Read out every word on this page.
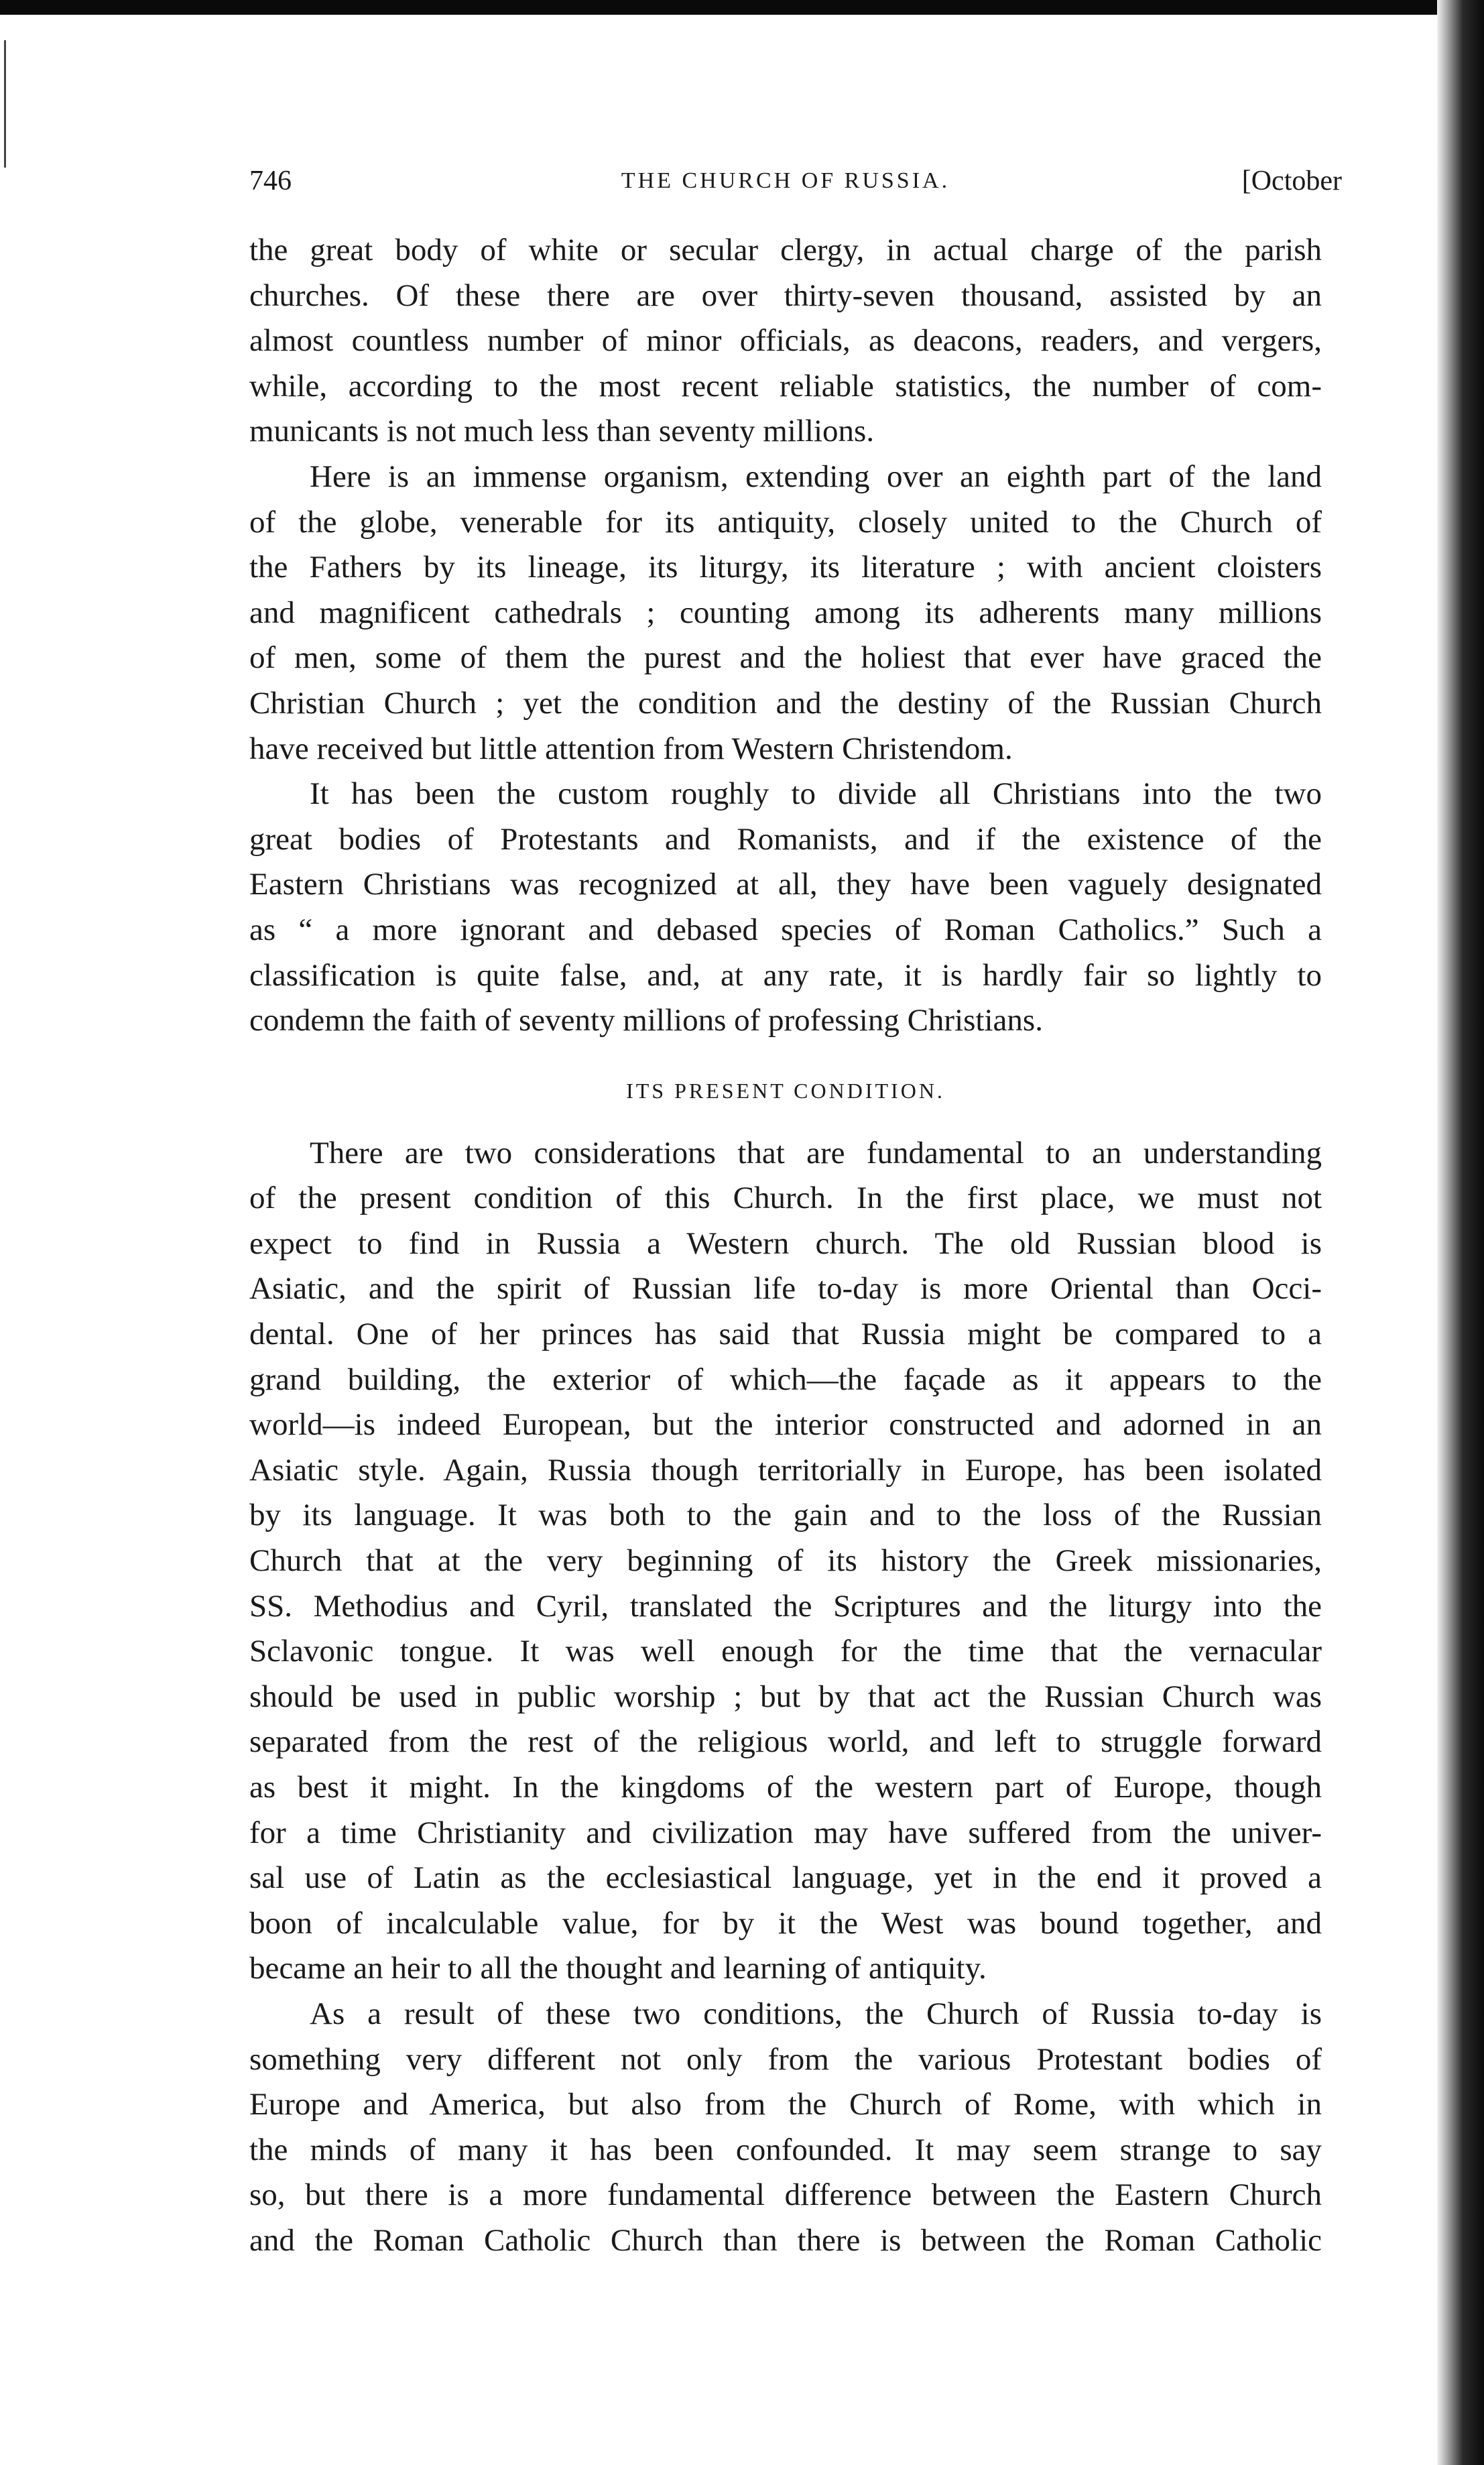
746	THE CHURCH OF RUSSIA.	[October
the great body of white or secular clergy, in actual charge of the parish
churches. Of these there are over thirty-seven thousand, assisted by an
almost countless number of minor officials, as deacons, readers, and vergers,
while, according to the most recent reliable statistics, the number of com-
municants is not much less than seventy millions.
Here is an immense organism, extending over an eighth part of the land
of the globe, venerable for its antiquity, closely united to the Church of
the Fathers by its lineage, its liturgy, its literature ; with ancient cloisters
and magnificent cathedrals ; counting among its adherents many millions
of men, some of them the purest and the holiest that ever have graced the
Christian Church ; yet the condition and the destiny of the Russian Church
have received but little attention from Western Christendom.
It has been the custom roughly to divide all Christians into the two
great bodies of Protestants and Romanists, and if the existence of the
Eastern Christians was recognized at all, they have been vaguely designated
as “ a more ignorant and debased species of Roman Catholics.” Such a
classification is quite false, and, at any rate, it is hardly fair so lightly to
condemn the faith of seventy millions of professing Christians.
ITS PRESENT CONDITION.
There are two considerations that are fundamental to an understanding
of the present condition of this Church. In the first place, we must not
expect to find in Russia a Western church. The old Russian blood is
Asiatic, and the spirit of Russian life to-day is more Oriental than Occi-
dental. One of her princes has said that Russia might be compared to a
grand building, the exterior of which—the façade as it appears to the
world—is indeed European, but the interior constructed and adorned in an
Asiatic style. Again, Russia though territorially in Europe, has been isolated
by its language. It was both to the gain and to the loss of the Russian
Church that at the very beginning of its history the Greek missionaries,
SS. Methodius and Cyril, translated the Scriptures and the liturgy into the
Sclavonic tongue. It was well enough for the time that the vernacular
should be used in public worship ; but by that act the Russian Church was
separated from the rest of the religious world, and left to struggle forward
as best it might. In the kingdoms of the western part of Europe, though
for a time Christianity and civilization may have suffered from the univer-
sal use of Latin as the ecclesiastical language, yet in the end it proved a
boon of incalculable value, for by it the West was bound together, and
became an heir to all the thought and learning of antiquity.
As a result of these two conditions, the Church of Russia to-day is
something very different not only from the various Protestant bodies of
Europe and America, but also from the Church of Rome, with which in
the minds of many it has been confounded. It may seem strange to say
so, but there is a more fundamental difference between the Eastern Church
and the Roman Catholic Church than there is between the Roman Catholic
